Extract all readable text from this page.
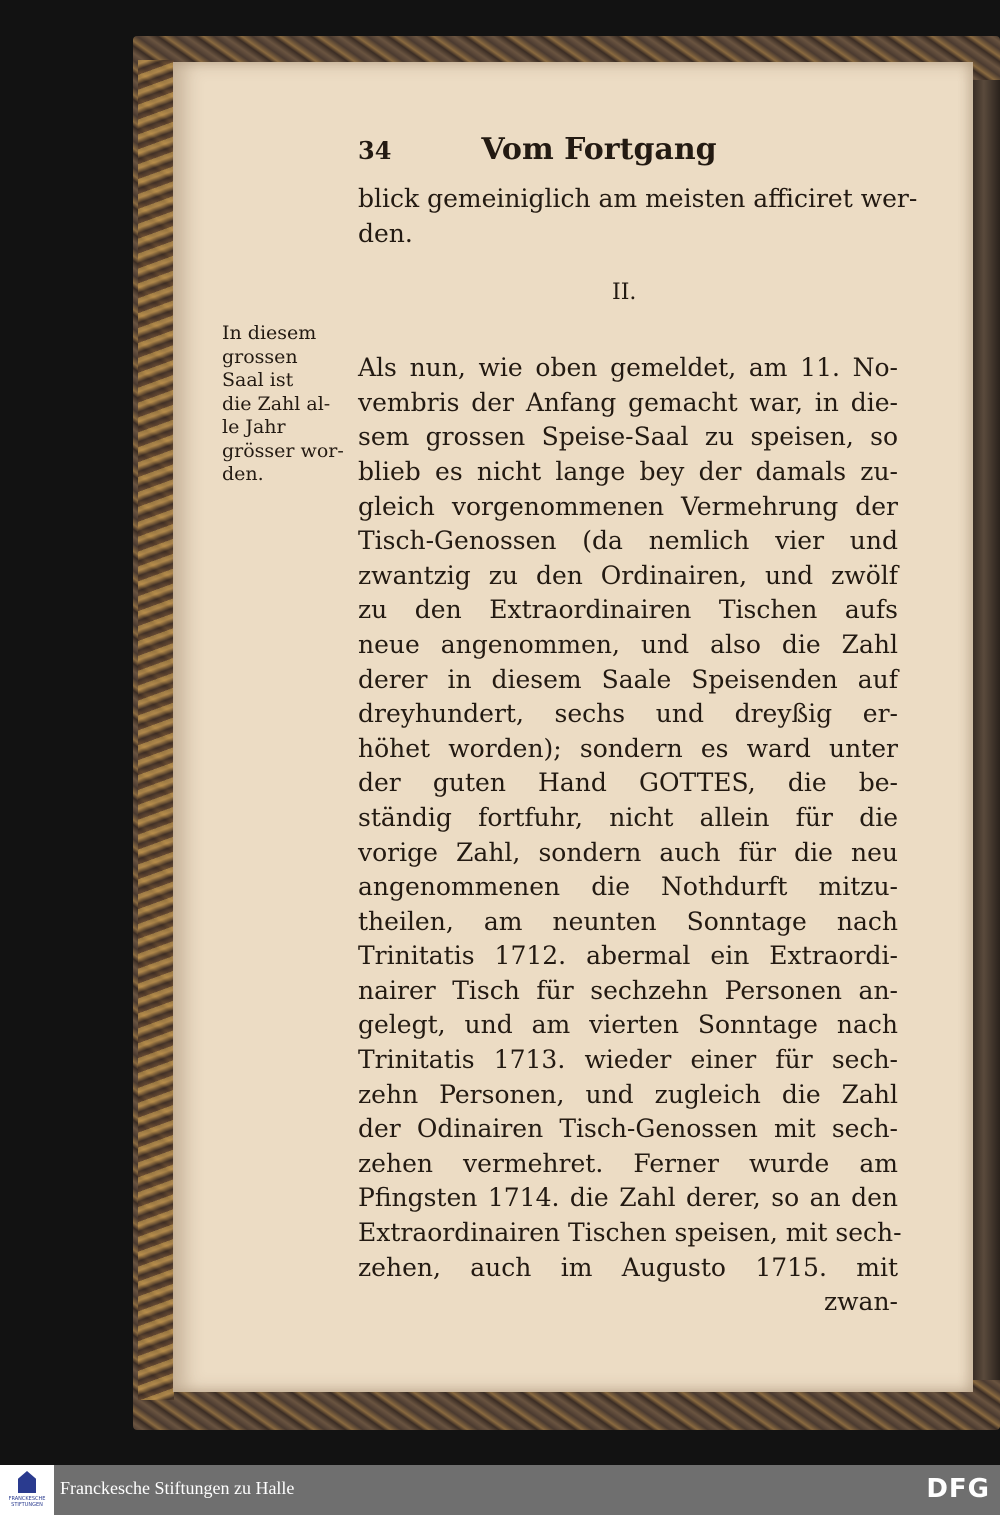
34	Vom Fortgang
blick gemeiniglich am meisten afficiret wer-
den.
Als nun, wie oben gemeldet, am 11. No-
vembris der Anfang gemacht war, in die-
sem grossen Speise-Saal zu speisen, so
blieb es nicht lange bey der damals zu-
gleich vorgenommenen Vermehrung der
Tisch-Genossen (da nemlich vier und
zwantzig zu den Ordinairen, und zwölf
zu den Extraordinairen Tischen aufs
neue angenommen, und also die Zahl
derer in diesem Saale Speisenden auf
dreyhundert, sechs und dreyßig er-
höhet worden); sondern es ward unter
der guten Hand GOTTES, die be-
ständig fortfuhr, nicht allein für die
vorige Zahl, sondern auch für die neu
angenommenen die Nothdurft mitzu-
theilen, am neunten Sonntage nach
Trinitatis 1712. abermal ein Extraordi-
nairer Tisch für sechzehn Personen an-
gelegt, und am vierten Sonntage nach
Trinitatis 1713. wieder einer für sech-
zehn Personen, und zugleich die Zahl
der Odinairen Tisch-Genossen mit sech-
zehen vermehret. Ferner wurde am
Pfingsten 1714. die Zahl derer, so an den
Extraordinairen Tischen speisen, mit sech-
zehen, auch im Augusto 1715. mit
zwan-
II.
In diesem
grossen
Saal ist
die Zahl al-
le Jahr
grösser wor-
den.
FRANCKESCHE
STIFTUNGEN
Franckesche Stiftungen zu Halle	DFG
